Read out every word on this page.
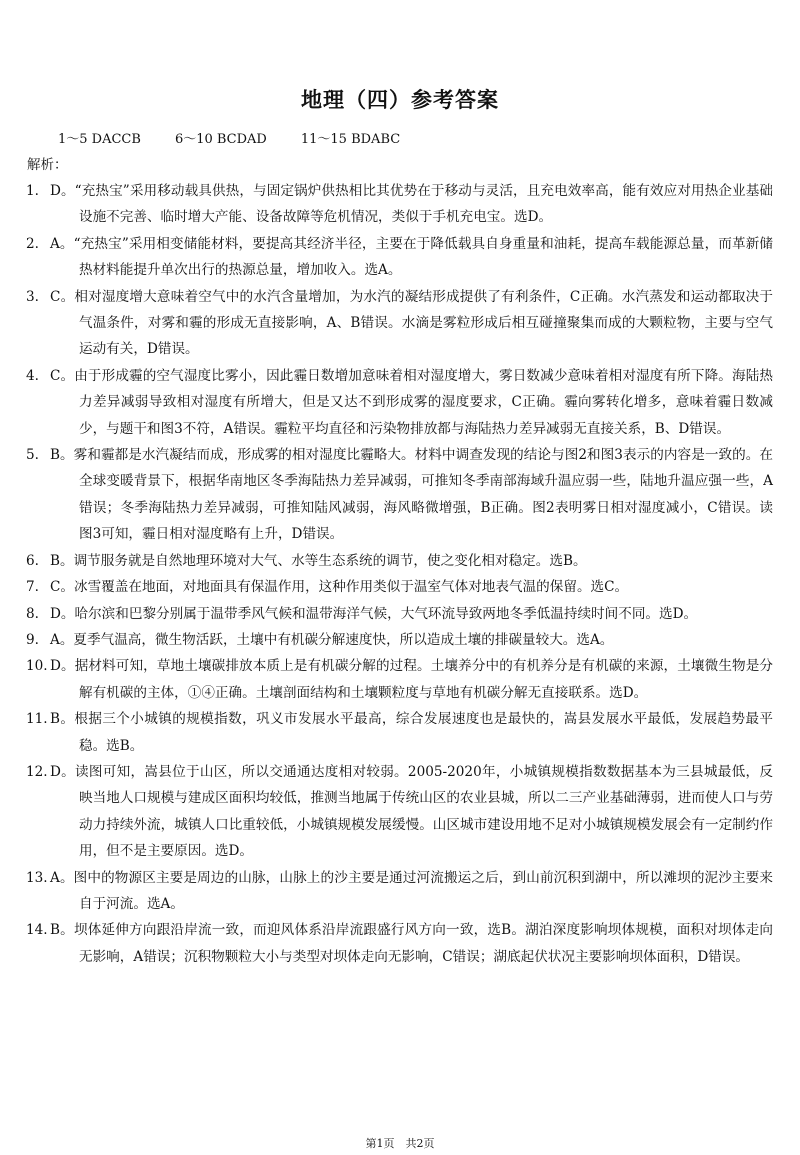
地理（四）参考答案

1～5 DACCB	6～10 BCDAD	11～15 BDABC

解析：

1. D。“充热宝”采用移动载具供热，与固定锅炉供热相比其优势在于移动与灵活，且充电效率高，能有效应对用热企业基础设施不完善、临时增大产能、设备故障等危机情况，类似于手机充电宝。选D。
2. A。“充热宝”采用相变储能材料，要提高其经济半径，主要在于降低载具自身重量和油耗，提高车载能源总量，而革新储热材料能提升单次出行的热源总量，增加收入。选A。
3. C。相对湿度增大意味着空气中的水汽含量增加，为水汽的凝结形成提供了有利条件，C正确。水汽蒸发和运动都取决于气温条件，对雾和霾的形成无直接影响，A、B错误。水滴是雾粒形成后相互碰撞聚集而成的大颗粒物，主要与空气运动有关，D错误。
4. C。由于形成霾的空气湿度比雾小，因此霾日数增加意味着相对湿度增大，雾日数减少意味着相对湿度有所下降。海陆热力差异减弱导致相对湿度有所增大，但是又达不到形成雾的湿度要求，C正确。霾向雾转化增多，意味着霾日数减少，与题干和图3不符，A错误。霾粒平均直径和污染物排放都与海陆热力差异减弱无直接关系，B、D错误。
5. B。雾和霾都是水汽凝结而成，形成雾的相对湿度比霾略大。材料中调查发现的结论与图2和图3表示的内容是一致的。在全球变暖背景下，根据华南地区冬季海陆热力差异减弱，可推知冬季南部海域升温应弱一些，陆地升温应强一些，A错误；冬季海陆热力差异减弱，可推知陆风减弱，海风略微增强，B正确。图2表明雾日相对湿度减小，C错误。读图3可知，霾日相对湿度略有上升，D错误。
6. B。调节服务就是自然地理环境对大气、水等生态系统的调节，使之变化相对稳定。选B。
7. C。冰雪覆盖在地面，对地面具有保温作用，这种作用类似于温室气体对地表气温的保留。选C。
8. D。哈尔滨和巴黎分别属于温带季风气候和温带海洋气候，大气环流导致两地冬季低温持续时间不同。选D。
9. A。夏季气温高，微生物活跃，土壤中有机碳分解速度快，所以造成土壤的排碳量较大。选A。
10. D。据材料可知，草地土壤碳排放本质上是有机碳分解的过程。土壤养分中的有机养分是有机碳的来源，土壤微生物是分解有机碳的主体，①④正确。土壤剖面结构和土壤颗粒度与草地有机碳分解无直接联系。选D。
11. B。根据三个小城镇的规模指数，巩义市发展水平最高，综合发展速度也是最快的，嵩县发展水平最低，发展趋势最平稳。选B。
12. D。读图可知，嵩县位于山区，所以交通通达度相对较弱。2005-2020年，小城镇规模指数数据基本为三县城最低，反映当地人口规模与建成区面积均较低，推测当地属于传统山区的农业县城，所以二三产业基础薄弱，进而使人口与劳动力持续外流，城镇人口比重较低，小城镇规模发展缓慢。山区城市建设用地不足对小城镇规模发展会有一定制约作用，但不是主要原因。选D。
13. A。图中的物源区主要是周边的山脉，山脉上的沙主要是通过河流搬运之后，到山前沉积到湖中，所以滩坝的泥沙主要来自于河流。选A。
14. B。坝体延伸方向跟沿岸流一致，而迎风体系沿岸流跟盛行风方向一致，选B。湖泊深度影响坝体规模，面积对坝体走向无影响，A错误；沉积物颗粒大小与类型对坝体走向无影响，C错误；湖底起伏状况主要影响坝体面积，D错误。
第1页　共2页
